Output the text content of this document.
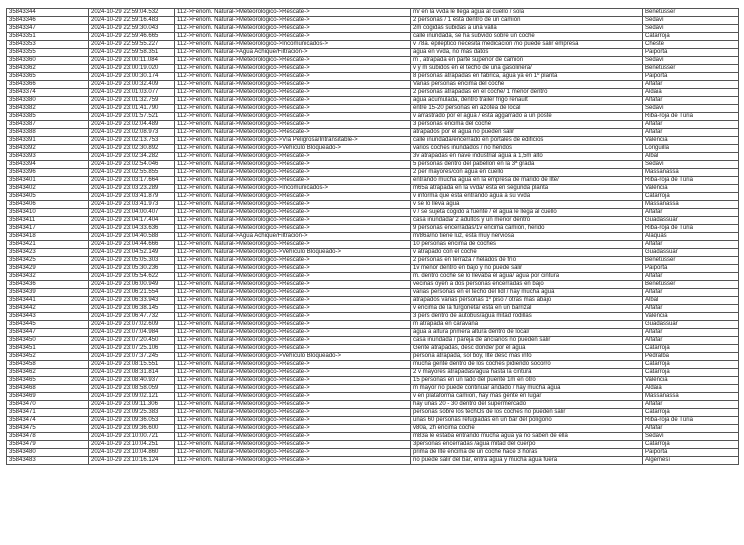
35843344	2024-10-29 22:59:04.532	112->Fenom. Natural->Meteorológico->Rescate->	m/ en la vvda le llega agua al cuello / sola	Benetússer
35843346	2024-10-29 22:59:16.483	112->Fenom. Natural->Meteorológico->Rescate->	2 personas / 1 está dentro de un camión	Sedaví
35843347	2024-10-29 22:59:30.043	112->Fenom. Natural->Meteorológico->Rescate->	2m cogidas subidas a una valla	Sedaví
35843351	2024-10-29 22:59:46.665	112->Fenom. Natural->Meteorológico->Rescate->	calle inundada, se ha subvido sobre un coche	Catarroja
35843353	2024-10-29 22:59:55.227	112->Fenom. Natural->Meteorológico->Incomunicados->	v 78a. epileptico necesita medicacion /no puede salir empresa	Cheste
35843355	2024-10-29 22:59:58.351	112->Fenom. Natural->Agua Achique/Filtración->	agua en vvda, no más datos	Paiporta
35843360	2024-10-29 23:00:11.084	112->Fenom. Natural->Meteorológico->Rescate->	m , atrapada en parte superior de camión	Sedaví
35843362	2024-10-29 23:00:19.020	112->Fenom. Natural->Meteorológico->Rescate->	v y m subidos en el techo de una gasolinera/	Benetússer
35843365	2024-10-29 23:00:30.174	112->Fenom. Natural->Meteorológico->Rescate->	8 personas atrapadas en fabrica, agua ya en 1º planta	Paiporta
35843366	2024-10-29 23:00:32.409	112->Fenom. Natural->Meteorológico->Rescate->	Varias personas encima del coche	Alfafar
35843374	2024-10-29 23:01:03.077	112->Fenom. Natural->Meteorológico->Rescate->	2 personas atrapadas en el coche/ 1 menor dentro	Aldaia
35843380	2024-10-29 23:01:32.759	112->Fenom. Natural->Meteorológico->Rescate->	agua acumulada, dentro trailer frigo renault	Alfafar
35843382	2024-10-29 23:01:41.790	112->Fenom. Natural->Meteorológico->Rescate->	entre 15-20 personas en azotea de local	Sedaví
35843385	2024-10-29 23:01:57.521	112->Fenom. Natural->Meteorológico->Rescate->	v arrastrado por el agua / está aggarrado a un poste	Riba-roja de Túria
35843387	2024-10-29 23:02:04.489	112->Fenom. Natural->Meteorológico->Rescate->	3 personas encima del coche	Alfafar
35843388	2024-10-29 23:02:08.973	112->Fenom. Natural->Meteorológico->Rescate->	atrapados por el agua no pueden salir	Alfafar
35843391	2024-10-29 23:02:13.753	112->Fenom. Natural->Meteorológico->Vía Peligrosa/Intransitable->	calle inundada/encerrado en portales de edificios	València
35843392	2024-10-29 23:02:30.892	112->Fenom. Natural->Meteorológico->Vehículo Bloqueado->	varios coches inundados / no heridos	Loriguilla
35843393	2024-10-29 23:02:34.282	112->Fenom. Natural->Meteorológico->Rescate->	3v atrapadas en nave industrial agua a 1,5m alto	Albal
35843394	2024-10-29 23:02:54.046	112->Fenom. Natural->Meteorológico->Rescate->	5 personas dentro del pabellon en la 3ª grada	Sedaví
35843396	2024-10-29 23:02:55.855	112->Fenom. Natural->Meteorológico->Rescate->	2 per mayores/con agua en cuello	Massanassa
35843401	2024-10-29 23:03:17.664	112->Fenom. Natural->Meteorológico->Rescate->	entrando mucha agua en la empresa de marido de llte/	Riba-roja de Túria
35843402	2024-10-29 23:03:23.289	112->Fenom. Natural->Meteorológico->Incomunicados->	m65a atrapada en la vvda/ esta en segunda planta	València
35843405	2024-10-29 23:03:41.879	112->Fenom. Natural->Meteorológico->Rescate->	v informa que esta entrando agua a su vvda	Catarroja
35843406	2024-10-29 23:03:41.973	112->Fenom. Natural->Meteorológico->Rescate->	v se lo lleva agua	Massanassa
35843410	2024-10-29 23:04:00.407	112->Fenom. Natural->Meteorológico->Rescate->	v / se sujeta cogido a fuente / el agua le llega al cuello	Alfafar
35843411	2024-10-29 23:04:17.404	112->Fenom. Natural->Meteorológico->Rescate->	casa inundada/ 2 adultos y un menor dentro	Guadassuar
35843417	2024-10-29 23:04:33.636	112->Fenom. Natural->Meteorológico->Rescate->	9 personas encerradas/1v encima camión, herido	Riba-roja de Túria
35843418	2024-10-29 23:04:40.588	112->Fenom. Natural->Agua Achique/Filtración->	m/86a/no tiene luz, esta muy nerviosa	Alaquàs
35843421	2024-10-29 23:04:44.666	112->Fenom. Natural->Meteorológico->Rescate->	10 personas encima de coches	Alfafar
35843423	2024-10-29 23:04:52.149	112->Fenom. Natural->Meteorológico->Vehículo Bloqueado->	v atrapado con el coche	Guadassuar
35843425	2024-10-29 23:05:05.303	112->Fenom. Natural->Meteorológico->Rescate->	2 personas en terraza / helados de frío	Benetússer
35843429	2024-10-29 23:05:30.236	112->Fenom. Natural->Meteorológico->Rescate->	1v menor dentro en bajo y no puede salir	Paiporta
35843432	2024-10-29 23:05:54.622	112->Fenom. Natural->Meteorológico->Rescate->	m. dentro coche se lo llevaba el agua/ agua por cintura	Alfafar
35843436	2024-10-29 23:06:00.949	112->Fenom. Natural->Meteorológico->Rescate->	vecinas oyen a dos personas encerradas en bajo	Benetússer
35843439	2024-10-29 23:06:21.554	112->Fenom. Natural->Meteorológico->Rescate->	varias personas en el techo del lidl / hay mucha agua	Alfafar
35843441	2024-10-29 23:06:33.943	112->Fenom. Natural->Meteorológico->Rescate->	atrapados varias personas 1º piso / otras mas abajo	Albal
35843442	2024-10-29 23:06:38.145	112->Fenom. Natural->Meteorológico->Rescate->	v encima de la furgoneta/ está en un barrizal	Alfafar
35843443	2024-10-29 23:06:47.732	112->Fenom. Natural->Meteorológico->Rescate->	3 pers dentro de autobus/agua mitad rodillas	València
35843445	2024-10-29 23:07:02.609	112->Fenom. Natural->Meteorológico->Rescate->	m atrapada en caravana	Guadassuar
35843447	2024-10-29 23:07:04.984	112->Fenom. Natural->Meteorológico->Rescate->	agua a altura primera altura dentro de local/	Alfafar
35843450	2024-10-29 23:07:20.450	112->Fenom. Natural->Meteorológico->Rescate->	casa inundada / pareja de ancianos no pueden salir	Alfafar
35843451	2024-10-29 23:07:25.106	112->Fenom. Natural->Meteorológico->Rescate->	Gente atrapadas, desc donde/ por el agua	Catarroja
35843452	2024-10-29 23:07:37.245	112->Fenom. Natural->Meteorológico->Vehículo Bloqueado->	persona atrapada, sol boy, llte desc más info	Pedralba
35843458	2024-10-29 23:08:15.551	112->Fenom. Natural->Meteorológico->Rescate->	mucha gente dentro de los coches pidiendo socorro	Catarroja
35843462	2024-10-29 23:08:31.814	112->Fenom. Natural->Meteorológico->Rescate->	2 v mayores atrapadas/agua hasta la cintura	Catarroja
35843465	2024-10-29 23:08:40.937	112->Fenom. Natural->Meteorológico->Rescate->	15 personas en un lado del puente 1m en otro	València
35843468	2024-10-29 23:08:58.059	112->Fenom. Natural->Meteorológico->Rescate->	m mayor no puede continuar andado / hay mucha agua	Aldaia
35843469	2024-10-29 23:09:02.121	112->Fenom. Natural->Meteorológico->Rescate->	v en plataforma camion, hay más gente en lugar	Massanassa
35843470	2024-10-29 23:09:11.306	112->Fenom. Natural->Meteorológico->Rescate->	hay unas 20 - 30 dentro del supermercado	Alfafar
35843471	2024-10-29 23:09:25.383	112->Fenom. Natural->Meteorológico->Rescate->	personas sobre los techOs de los coches no pueden salir	Catarroja
35843474	2024-10-29 23:09:36.053	112->Fenom. Natural->Meteorológico->Rescate->	unas 60 personas refugiadas en un bar del polígono	Riba-roja de Túria
35843475	2024-10-29 23:09:36.600	112->Fenom. Natural->Meteorológico->Rescate->	v80a, 2h encima coche	Alfafar
35843478	2024-10-29 23:10:00.721	112->Fenom. Natural->Meteorológico->Rescate->	m83a le estaba entrando mucha agua ya no saben de ella	Sedaví
35843479	2024-10-29 23:10:04.251	112->Fenom. Natural->Meteorológico->Rescate->	3personas encerradas /agua mitad del cuerpo	Catarroja
35843480	2024-10-29 23:10:04.860	112->Fenom. Natural->Meteorológico->Rescate->	prima de llte encima de un coche hace 3 horas	Paiporta
35843483	2024-10-29 23:10:16.124	112->Fenom. Natural->Meteorológico->Rescate->	no puede salir del bar, entra agua y mucha agua fuera	Algemesí
